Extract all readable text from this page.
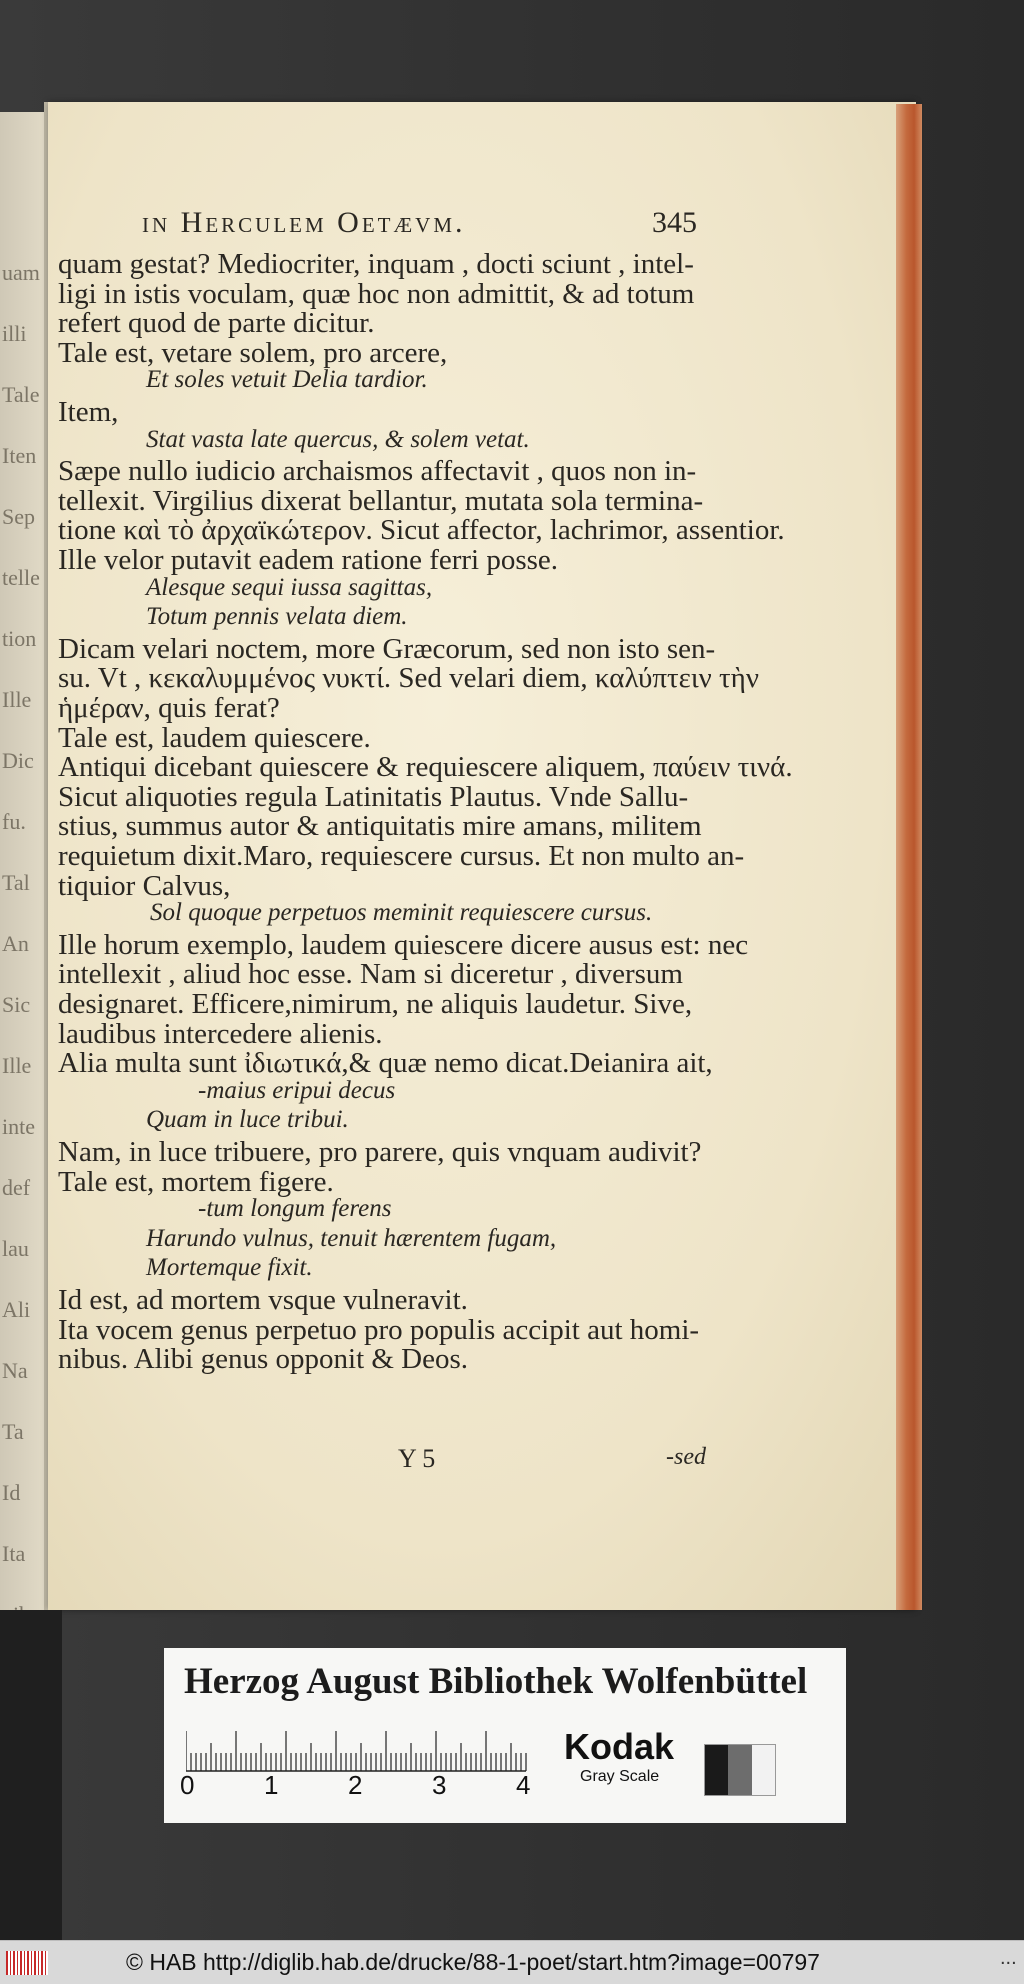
uam
illi
Tale
Iten
Sep
telle
tion
Ille
Dic
fu.
Tal
An
Sic
Ille
inte
def
lau
Ali
Na
Ta
Id
Ita
in Herculem Oetævm.	345
quam gestat? Mediocriter, inquam , docti sciunt , intel-
ligi in istis voculam, quæ hoc non admittit, & ad totum
refert quod de parte dicitur.
Tale est, vetare solem, pro arcere,
Et soles vetuit Delia tardior.
Item,
Stat vasta late quercus, & solem vetat.
Sæpe nullo iudicio archaismos affectavit , quos non in-
tellexit. Virgilius dixerat bellantur, mutata sola termina-
tione καὶ τὸ ἀρχαϊκώτερον. Sicut affector, lachrimor, assentior.
Ille velor putavit eadem ratione ferri posse.
Alesque sequi iussa sagittas,
Totum pennis velata diem.
Dicam velari noctem, more Græcorum, sed non isto sen-
su. Vt , κεκαλυμμένος νυκτί. Sed velari diem, καλύπτειν τὴν
ἡμέραν, quis ferat?
Tale est, laudem quiescere.
Antiqui dicebant quiescere & requiescere aliquem, παύειν τινά.
Sicut aliquoties regula Latinitatis Plautus. Vnde Sallu-
stius, summus autor & antiquitatis mire amans, militem
requietum dixit.Maro, requiescere cursus. Et non multo an-
tiquior Calvus,
Sol quoque perpetuos meminit requiescere cursus.
Ille horum exemplo, laudem quiescere dicere ausus est: nec
intellexit , aliud hoc esse. Nam si diceretur , diversum
designaret. Efficere,nimirum, ne aliquis laudetur. Sive,
laudibus intercedere alienis.
Alia multa sunt ἰδιωτικά,& quæ nemo dicat.Deianira ait,
-maius eripui decus
Quam in luce tribui.
Nam, in luce tribuere, pro parere, quis vnquam audivit?
Tale est, mortem figere.
-tum longum ferens
Harundo vulnus, tenuit hærentem fugam,
Mortemque fixit.
Id est, ad mortem vsque vulneravit.
Ita vocem genus perpetuo pro populis accipit aut homi-
nibus. Alibi genus opponit & Deos.
Y 5	-sed
Herzog August Bibliothek Wolfenbüttel
0	1	2	3	4
Kodak
Gray Scale
© HAB http://diglib.hab.de/drucke/88-1-poet/start.htm?image=00797	...
